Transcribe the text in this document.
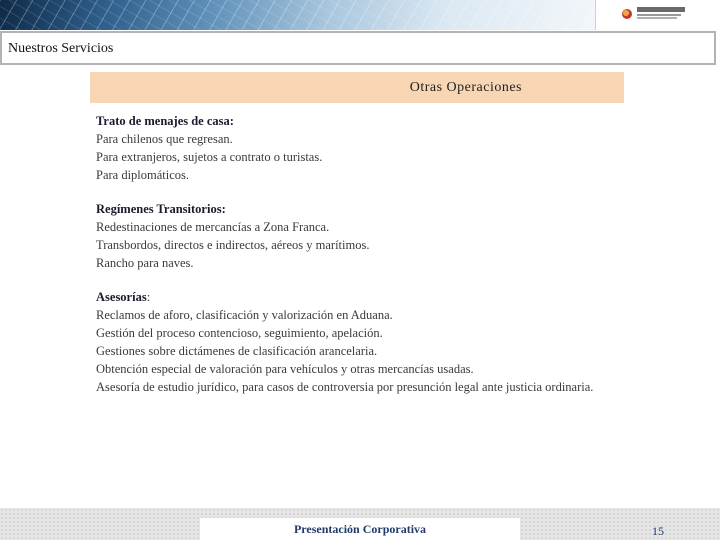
Nuestros Servicios
Otras Operaciones
Trato de menajes de casa:
Para chilenos que regresan.
Para extranjeros, sujetos a contrato o turistas.
Para diplomáticos.
Regímenes Transitorios:
Redestinaciones de mercancías a Zona Franca.
Transbordos, directos e indirectos, aéreos y marítimos.
Rancho para naves.
Asesorías:
Reclamos de aforo, clasificación y valorización en Aduana.
Gestión del proceso contencioso, seguimiento, apelación.
Gestiones sobre dictámenes de clasificación arancelaria.
Obtención especial de valoración para vehículos y otras mercancías usadas.
Asesoría de estudio jurídico, para casos de controversia por presunción legal ante justicia ordinaria.
Presentación Corporativa	15
